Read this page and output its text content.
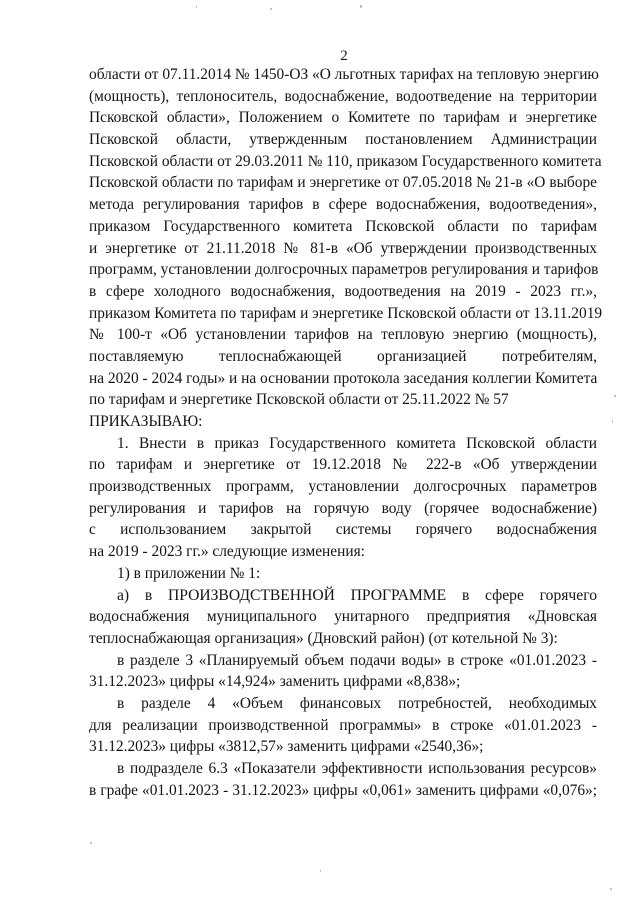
2
области от 07.11.2014 № 1450-ОЗ «О льготных тарифах на тепловую энергию
(мощность), теплоноситель, водоснабжение, водоотведение на территории
Псковской области», Положением о Комитете по тарифам и энергетике
Псковской области, утвержденным постановлением Администрации
Псковской области от 29.03.2011 № 110, приказом Государственного комитета
Псковской области по тарифам и энергетике от 07.05.2018 № 21-в «О выборе
метода регулирования тарифов в сфере водоснабжения, водоотведения»,
приказом Государственного комитета Псковской области по тарифам
и энергетике от 21.11.2018 № 81-в «Об утверждении производственных
программ, установлении долгосрочных параметров регулирования и тарифов
в сфере холодного водоснабжения, водоотведения на 2019 - 2023 гг.»,
приказом Комитета по тарифам и энергетике Псковской области от 13.11.2019
№ 100-т «Об установлении тарифов на тепловую энергию (мощность),
поставляемую теплоснабжающей организацией потребителям,
на 2020 - 2024 годы» и на основании протокола заседания коллегии Комитета
по тарифам и энергетике Псковской области от 25.11.2022 № 57
ПРИКАЗЫВАЮ:
1. Внести в приказ Государственного комитета Псковской области
по тарифам и энергетике от 19.12.2018 № 222-в «Об утверждении
производственных программ, установлении долгосрочных параметров
регулирования и тарифов на горячую воду (горячее водоснабжение)
с использованием закрытой системы горячего водоснабжения
на 2019 - 2023 гг.» следующие изменения:
1) в приложении № 1:
а) в ПРОИЗВОДСТВЕННОЙ ПРОГРАММЕ в сфере горячего
водоснабжения муниципального унитарного предприятия «Дновская
теплоснабжающая организация» (Дновский район) (от котельной № 3):
в разделе 3 «Планируемый объем подачи воды» в строке «01.01.2023 -
31.12.2023» цифры «14,924» заменить цифрами «8,838»;
в разделе 4 «Объем финансовых потребностей, необходимых
для реализации производственной программы» в строке «01.01.2023 -
31.12.2023» цифры «3812,57» заменить цифрами «2540,36»;
в подразделе 6.3 «Показатели эффективности использования ресурсов»
в графе «01.01.2023 - 31.12.2023» цифры «0,061» заменить цифрами «0,076»;
